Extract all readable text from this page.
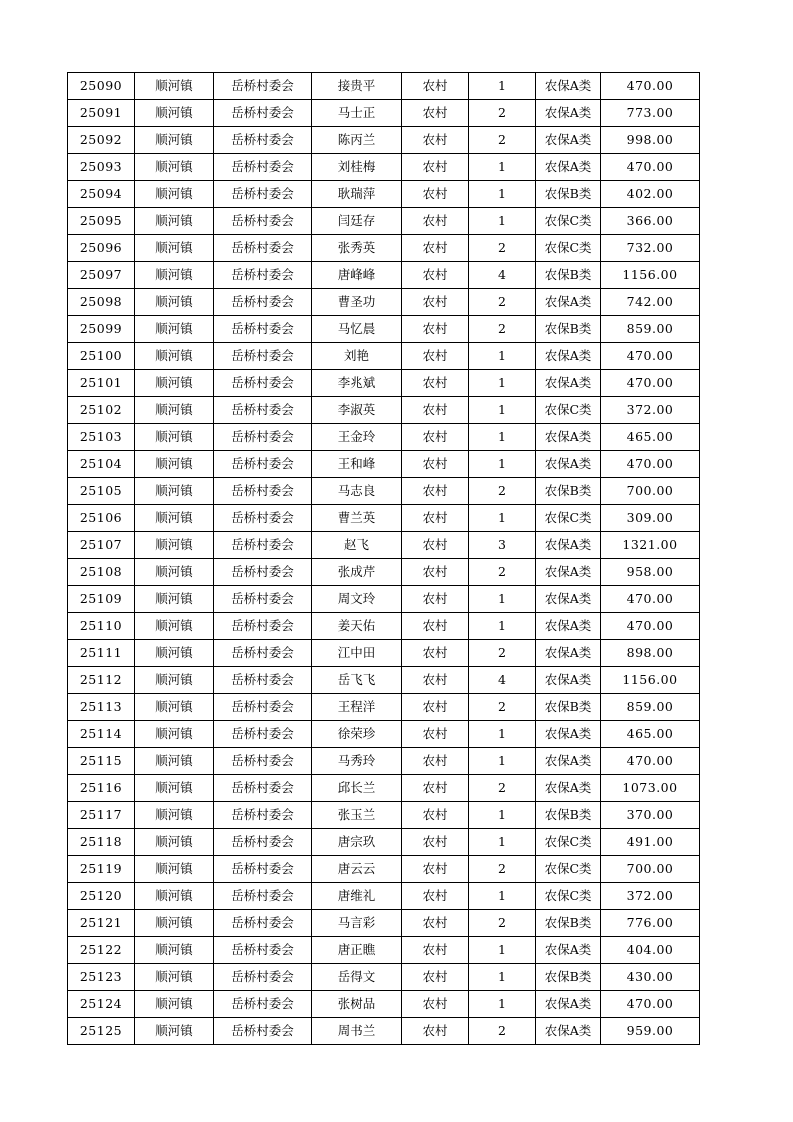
25090	顺河镇	岳桥村委会	接贵平	农村	1	农保A类	470.00
25091	顺河镇	岳桥村委会	马士正	农村	2	农保A类	773.00
25092	顺河镇	岳桥村委会	陈丙兰	农村	2	农保A类	998.00
25093	顺河镇	岳桥村委会	刘桂梅	农村	1	农保A类	470.00
25094	顺河镇	岳桥村委会	耿瑞萍	农村	1	农保B类	402.00
25095	顺河镇	岳桥村委会	闫廷存	农村	1	农保C类	366.00
25096	顺河镇	岳桥村委会	张秀英	农村	2	农保C类	732.00
25097	顺河镇	岳桥村委会	唐峰峰	农村	4	农保B类	1156.00
25098	顺河镇	岳桥村委会	曹圣功	农村	2	农保A类	742.00
25099	顺河镇	岳桥村委会	马忆晨	农村	2	农保B类	859.00
25100	顺河镇	岳桥村委会	刘艳	农村	1	农保A类	470.00
25101	顺河镇	岳桥村委会	李兆斌	农村	1	农保A类	470.00
25102	顺河镇	岳桥村委会	李淑英	农村	1	农保C类	372.00
25103	顺河镇	岳桥村委会	王金玲	农村	1	农保A类	465.00
25104	顺河镇	岳桥村委会	王和峰	农村	1	农保A类	470.00
25105	顺河镇	岳桥村委会	马志良	农村	2	农保B类	700.00
25106	顺河镇	岳桥村委会	曹兰英	农村	1	农保C类	309.00
25107	顺河镇	岳桥村委会	赵飞	农村	3	农保A类	1321.00
25108	顺河镇	岳桥村委会	张成芹	农村	2	农保A类	958.00
25109	顺河镇	岳桥村委会	周文玲	农村	1	农保A类	470.00
25110	顺河镇	岳桥村委会	姜天佑	农村	1	农保A类	470.00
25111	顺河镇	岳桥村委会	江中田	农村	2	农保A类	898.00
25112	顺河镇	岳桥村委会	岳飞飞	农村	4	农保A类	1156.00
25113	顺河镇	岳桥村委会	王程洋	农村	2	农保B类	859.00
25114	顺河镇	岳桥村委会	徐荣珍	农村	1	农保A类	465.00
25115	顺河镇	岳桥村委会	马秀玲	农村	1	农保A类	470.00
25116	顺河镇	岳桥村委会	邱长兰	农村	2	农保A类	1073.00
25117	顺河镇	岳桥村委会	张玉兰	农村	1	农保B类	370.00
25118	顺河镇	岳桥村委会	唐宗玖	农村	1	农保C类	491.00
25119	顺河镇	岳桥村委会	唐云云	农村	2	农保C类	700.00
25120	顺河镇	岳桥村委会	唐维礼	农村	1	农保C类	372.00
25121	顺河镇	岳桥村委会	马言彩	农村	2	农保B类	776.00
25122	顺河镇	岳桥村委会	唐正瞧	农村	1	农保A类	404.00
25123	顺河镇	岳桥村委会	岳得文	农村	1	农保B类	430.00
25124	顺河镇	岳桥村委会	张树品	农村	1	农保A类	470.00
25125	顺河镇	岳桥村委会	周书兰	农村	2	农保A类	959.00
